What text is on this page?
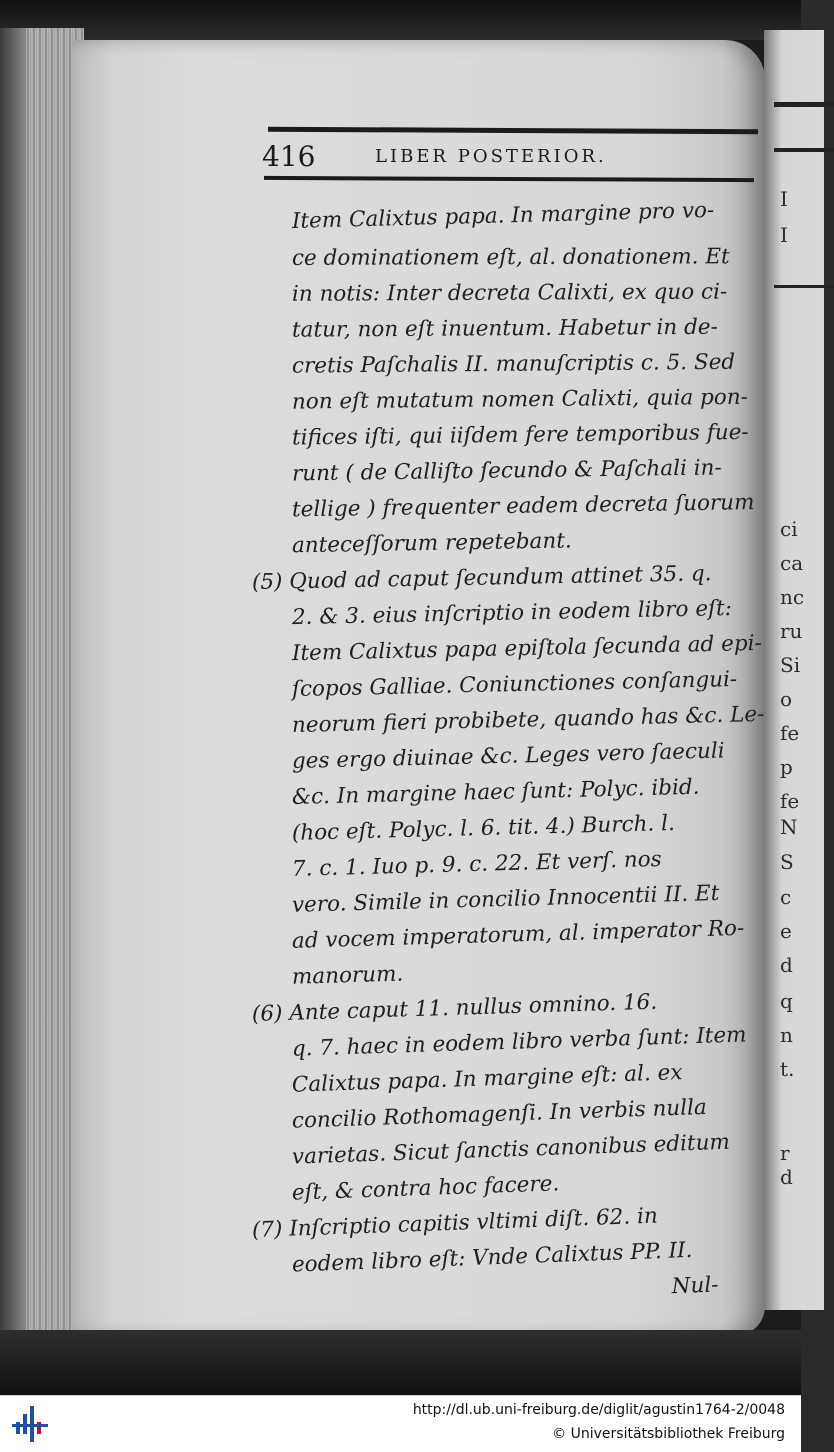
I
I
ci
ca
nc
ru
Si
o
fe
p
fe
N
S
c
e
d
q
n
t.
r
d
416	LIBER POSTERIOR.
Item Calixtus papa. In margine pro vo-
ce dominationem eſt, al. donationem. Et
in notis: Inter decreta Calixti, ex quo ci-
tatur, non eſt inuentum. Habetur in de-
cretis Paſchalis II. manuſcriptis c. 5. Sed
non eſt mutatum nomen Calixti, quia pon-
tifices iſti, qui iiſdem fere temporibus fue-
runt ( de Calliſto ſecundo & Paſchali in-
tellige ) frequenter eadem decreta ſuorum
anteceſſorum repetebant.
(5) Quod ad caput ſecundum attinet 35. q.
2. & 3. eius inſcriptio in eodem libro eſt:
Item Calixtus papa epiſtola ſecunda ad epi-
ſcopos Galliae. Coniunctiones conſangui-
neorum fieri probibete, quando has &c. Le-
ges ergo diuinae &c. Leges vero ſaeculi
&c. In margine haec ſunt: Polyc. ibid.
(hoc eſt. Polyc. l. 6. tit. 4.) Burch. l.
7. c. 1. Iuo p. 9. c. 22. Et verſ. nos
vero. Simile in concilio Innocentii II. Et
ad vocem imperatorum, al. imperator Ro-
manorum.
(6) Ante caput 11. nullus omnino. 16.
q. 7. haec in eodem libro verba ſunt: Item
Calixtus papa. In margine eſt: al. ex
concilio Rothomagenſi. In verbis nulla
varietas. Sicut ſanctis canonibus editum
eſt, & contra hoc facere.
(7) Inſcriptio capitis vltimi diſt. 62. in
eodem libro eſt: Vnde Calixtus PP. II.
Nul-
http://dl.ub.uni-freiburg.de/diglit/agustin1764-2/0048
© Universitätsbibliothek Freiburg
